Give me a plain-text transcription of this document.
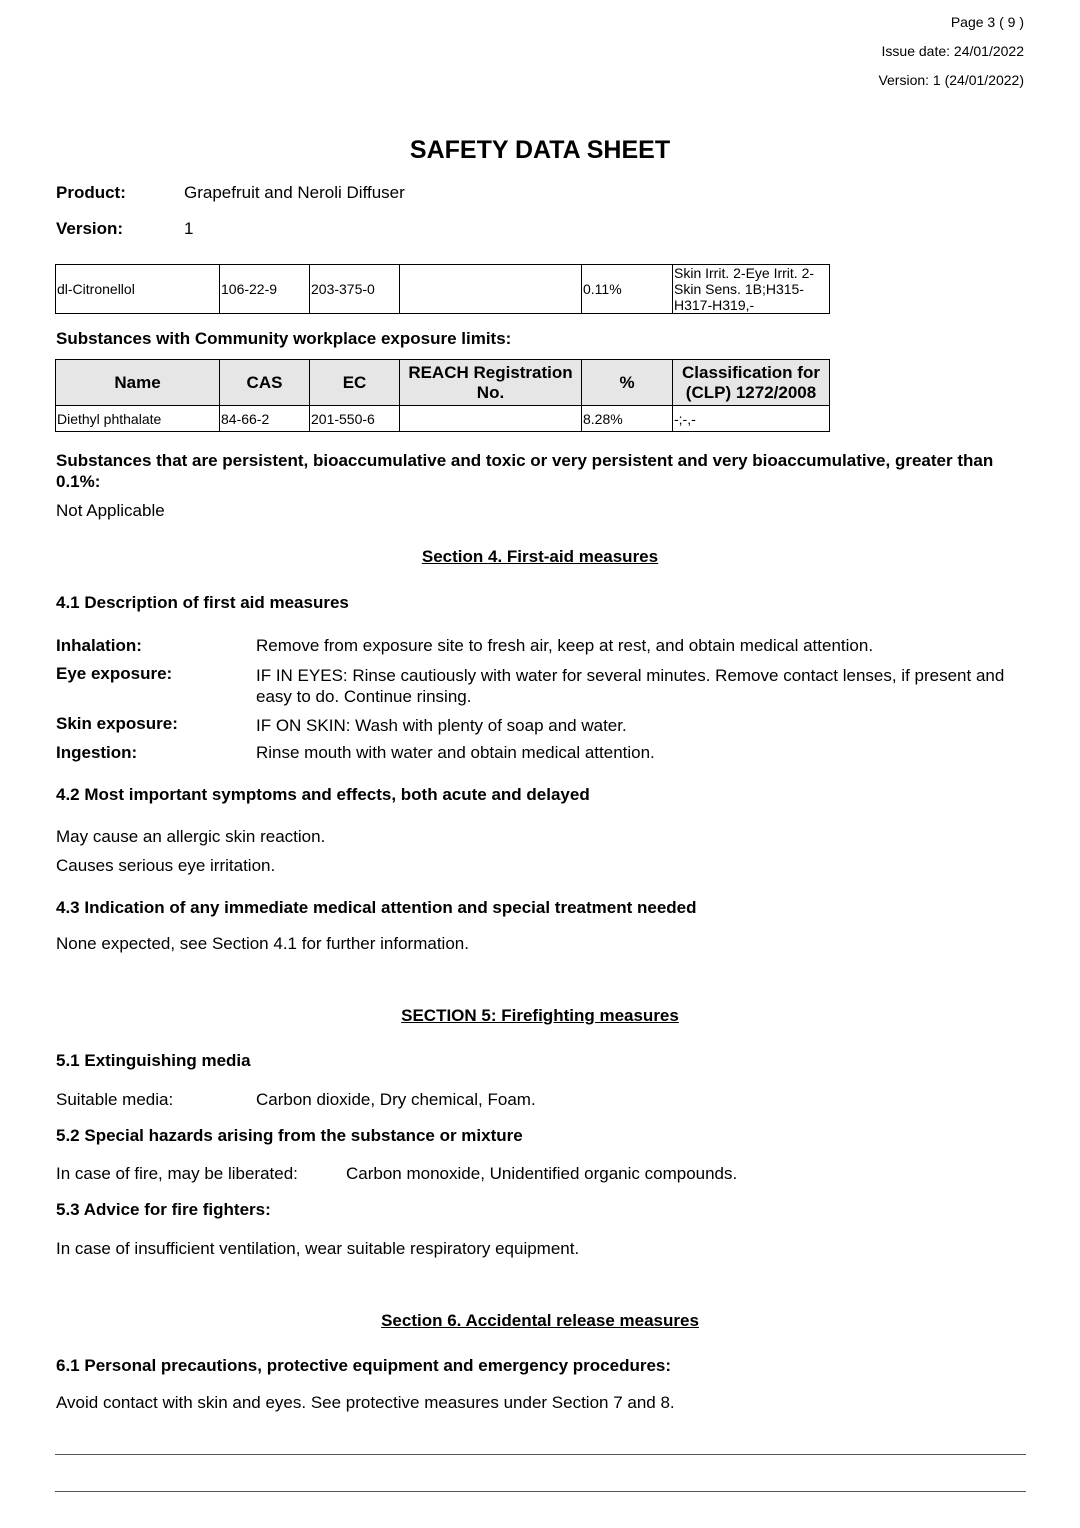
Page 3 ( 9 )
Issue date: 24/01/2022
Version: 1 (24/01/2022)
SAFETY DATA SHEET
Product:	Grapefruit and Neroli Diffuser
Version:	1
dl-Citronellol	106-22-9	203-375-0		0.11%	Skin Irrit. 2-Eye Irrit. 2-Skin Sens. 1B;H315-H317-H319,-
Substances with Community workplace exposure limits:
Name	CAS	EC	REACH Registration No.	%	Classification for (CLP) 1272/2008
Diethyl phthalate	84-66-2	201-550-6		8.28%	-;-,-
Substances that are persistent, bioaccumulative and toxic or very persistent and very bioaccumulative, greater than 0.1%:
Not Applicable
Section 4. First-aid measures
4.1 Description of first aid measures
Inhalation:	Remove from exposure site to fresh air, keep at rest, and obtain medical attention.
Eye exposure:	IF IN EYES: Rinse cautiously with water for several minutes. Remove contact lenses, if present and easy to do. Continue rinsing.
Skin exposure:	IF ON SKIN: Wash with plenty of soap and water.
Ingestion:	Rinse mouth with water and obtain medical attention.
4.2 Most important symptoms and effects, both acute and delayed
May cause an allergic skin reaction.
Causes serious eye irritation.
4.3 Indication of any immediate medical attention and special treatment needed
None expected, see Section 4.1 for further information.
SECTION 5: Firefighting measures
5.1 Extinguishing media
Suitable media:	Carbon dioxide, Dry chemical, Foam.
5.2 Special hazards arising from the substance or mixture
In case of fire, may be liberated:	Carbon monoxide, Unidentified organic compounds.
5.3 Advice for fire fighters:
In case of insufficient ventilation, wear suitable respiratory equipment.
Section 6. Accidental release measures
6.1 Personal precautions, protective equipment and emergency procedures:
Avoid contact with skin and eyes. See protective measures under Section 7 and 8.
